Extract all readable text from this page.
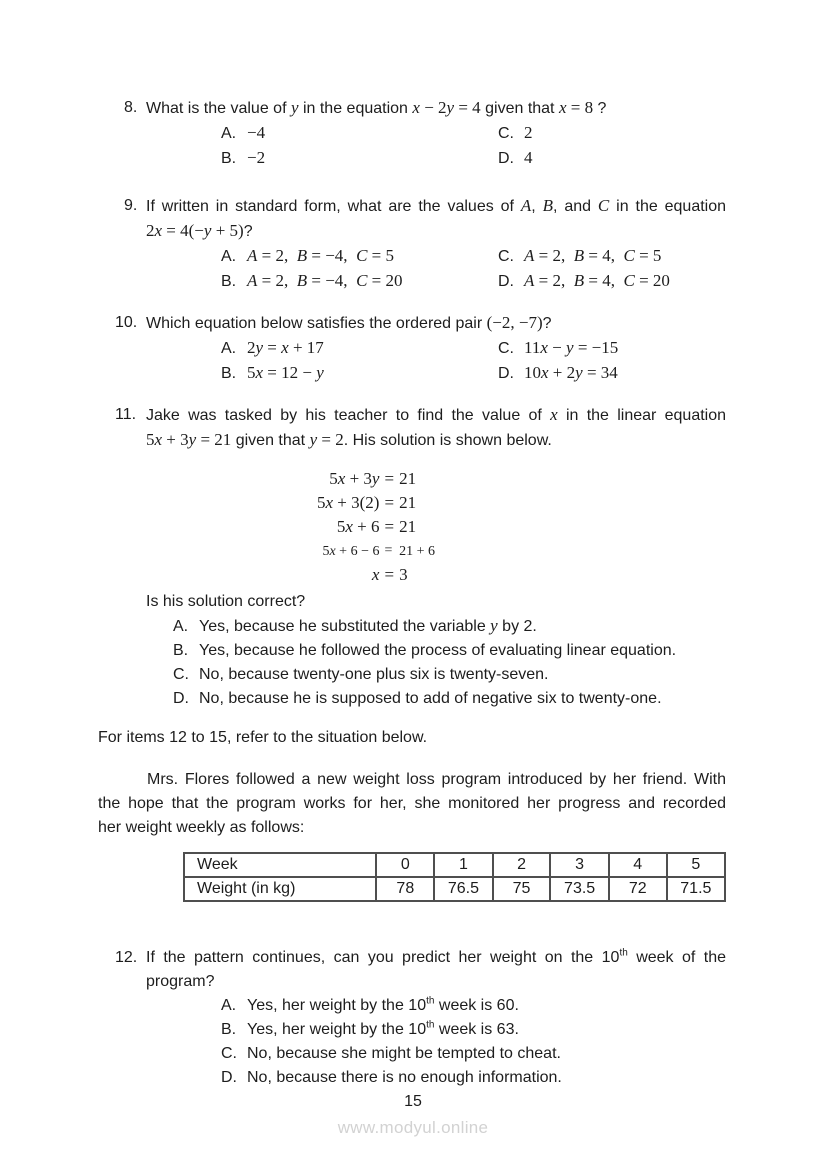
8. What is the value of y in the equation x − 2y = 4 given that x = 8 ?
A. −4	C. 2
B. −2	D. 4
9. If written in standard form, what are the values of A, B, and C in the equation
2x = 4(−y + 5)?
A. A = 2,  B = −4,  C = 5	C. A = 2,  B = 4,  C = 5
B. A = 2,  B = −4,  C = 20	D. A = 2,  B = 4,  C = 20
10. Which equation below satisfies the ordered pair (−2, −7)?
A. 2y = x + 17	C. 11x − y = −15
B. 5x = 12 − y	D. 10x + 2y = 34
11. Jake was tasked by his teacher to find the value of x in the linear equation
5x + 3y = 21 given that y = 2. His solution is shown below.
5x + 3y = 21
5x + 3(2) = 21
5x + 6 = 21
5x + 6 − 6 = 21 + 6
x = 3
Is his solution correct?
A. Yes, because he substituted the variable y by 2.
B. Yes, because he followed the process of evaluating linear equation.
C. No, because twenty-one plus six is twenty-seven.
D. No, because he is supposed to add of negative six to twenty-one.
For items 12 to 15, refer to the situation below.
Mrs. Flores followed a new weight loss program introduced by her friend. With
the hope that the program works for her, she monitored her progress and recorded
her weight weekly as follows:
Week	0	1	2	3	4	5
Weight (in kg)	78	76.5	75	73.5	72	71.5
12. If the pattern continues, can you predict her weight on the 10th week of the
program?
A. Yes, her weight by the 10th week is 60.
B. Yes, her weight by the 10th week is 63.
C. No, because she might be tempted to cheat.
D. No, because there is no enough information.
15
www.modyul.online
